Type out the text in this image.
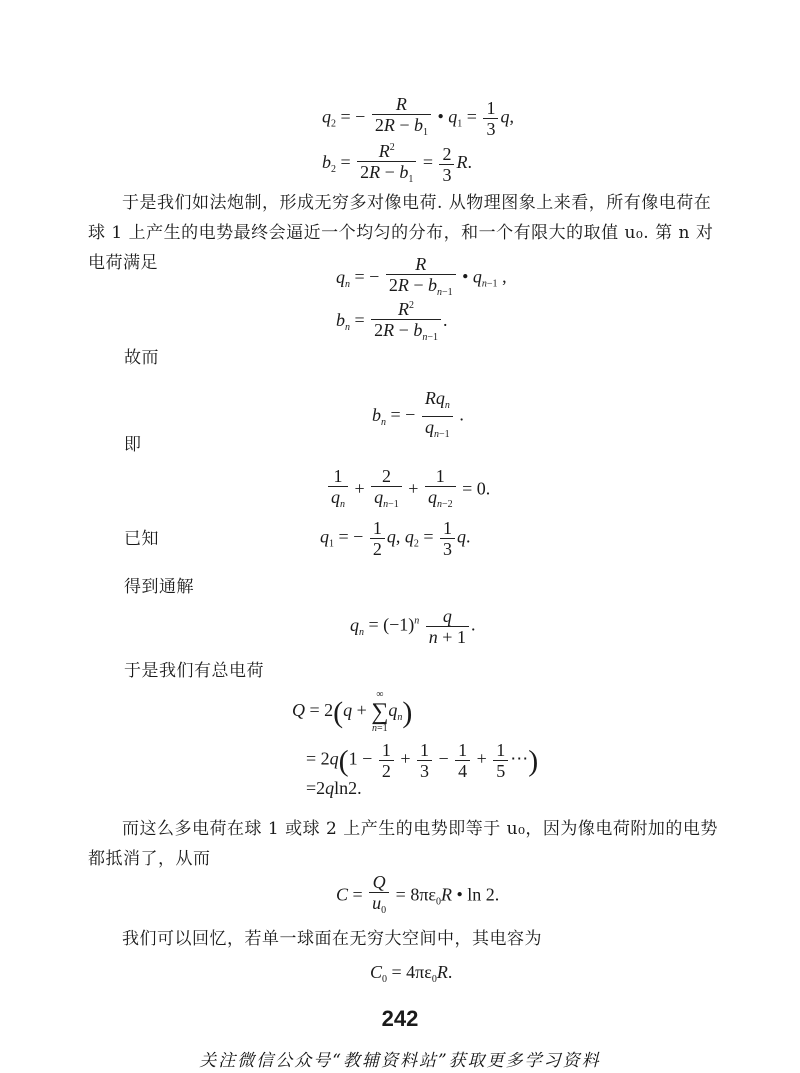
$q_2$ = − $\frac{R}{2R - b_1}$ • $q_1 = \frac{1}{3} q$,
$b_2 = \frac{R^2}{2R - b_1} = \frac{2}{3} R$.
于是我们如法炮制，形成无穷多对像电荷. 从物理图象上来看，所有像电荷在球 1 上产生的电势最终会逼近一个均匀的分布，和一个有限大的取值 u₀. 第 n 对电荷满足
$q_n$ = − $\frac{R}{2R - b_{n-1}}$ • $q_{n-1}$ ,
$b_n = \frac{R^2}{2R - b_{n-1}}$ .
故而
$b_n$ = − $\frac{Rq_n}{q_{n-1}}$ .
即
$\frac{1}{q_n} + \frac{2}{q_{n-1}} + \frac{1}{q_{n-2}} = 0$.
已知	$q_1$ = − $\frac{1}{2} q$, $q_2 = \frac{1}{3} q$.
得到通解
$q_n = (-1)^n \frac{q}{n + 1}$ .
于是我们有总电荷
Q = 2(q +
∞
∑
n=1
$q_n$)
= $2q(1 - \frac{1}{2} + \frac{1}{3} - \frac{1}{4} + \frac{1}{5}$ ⋯)
=2qln2.
而这么多电荷在球 1 或球 2 上产生的电势即等于 u₀，因为像电荷附加的电势都抵消了，从而
$C = \frac{Q}{u_0} = 8\pi\varepsilon_0R$ • ln 2.
我们可以回忆，若单一球面在无穷大空间中，其电容为
$C_0 = 4\pi\varepsilon_0R$.
242
关注微信公众号“教辅资料站”获取更多学习资料
